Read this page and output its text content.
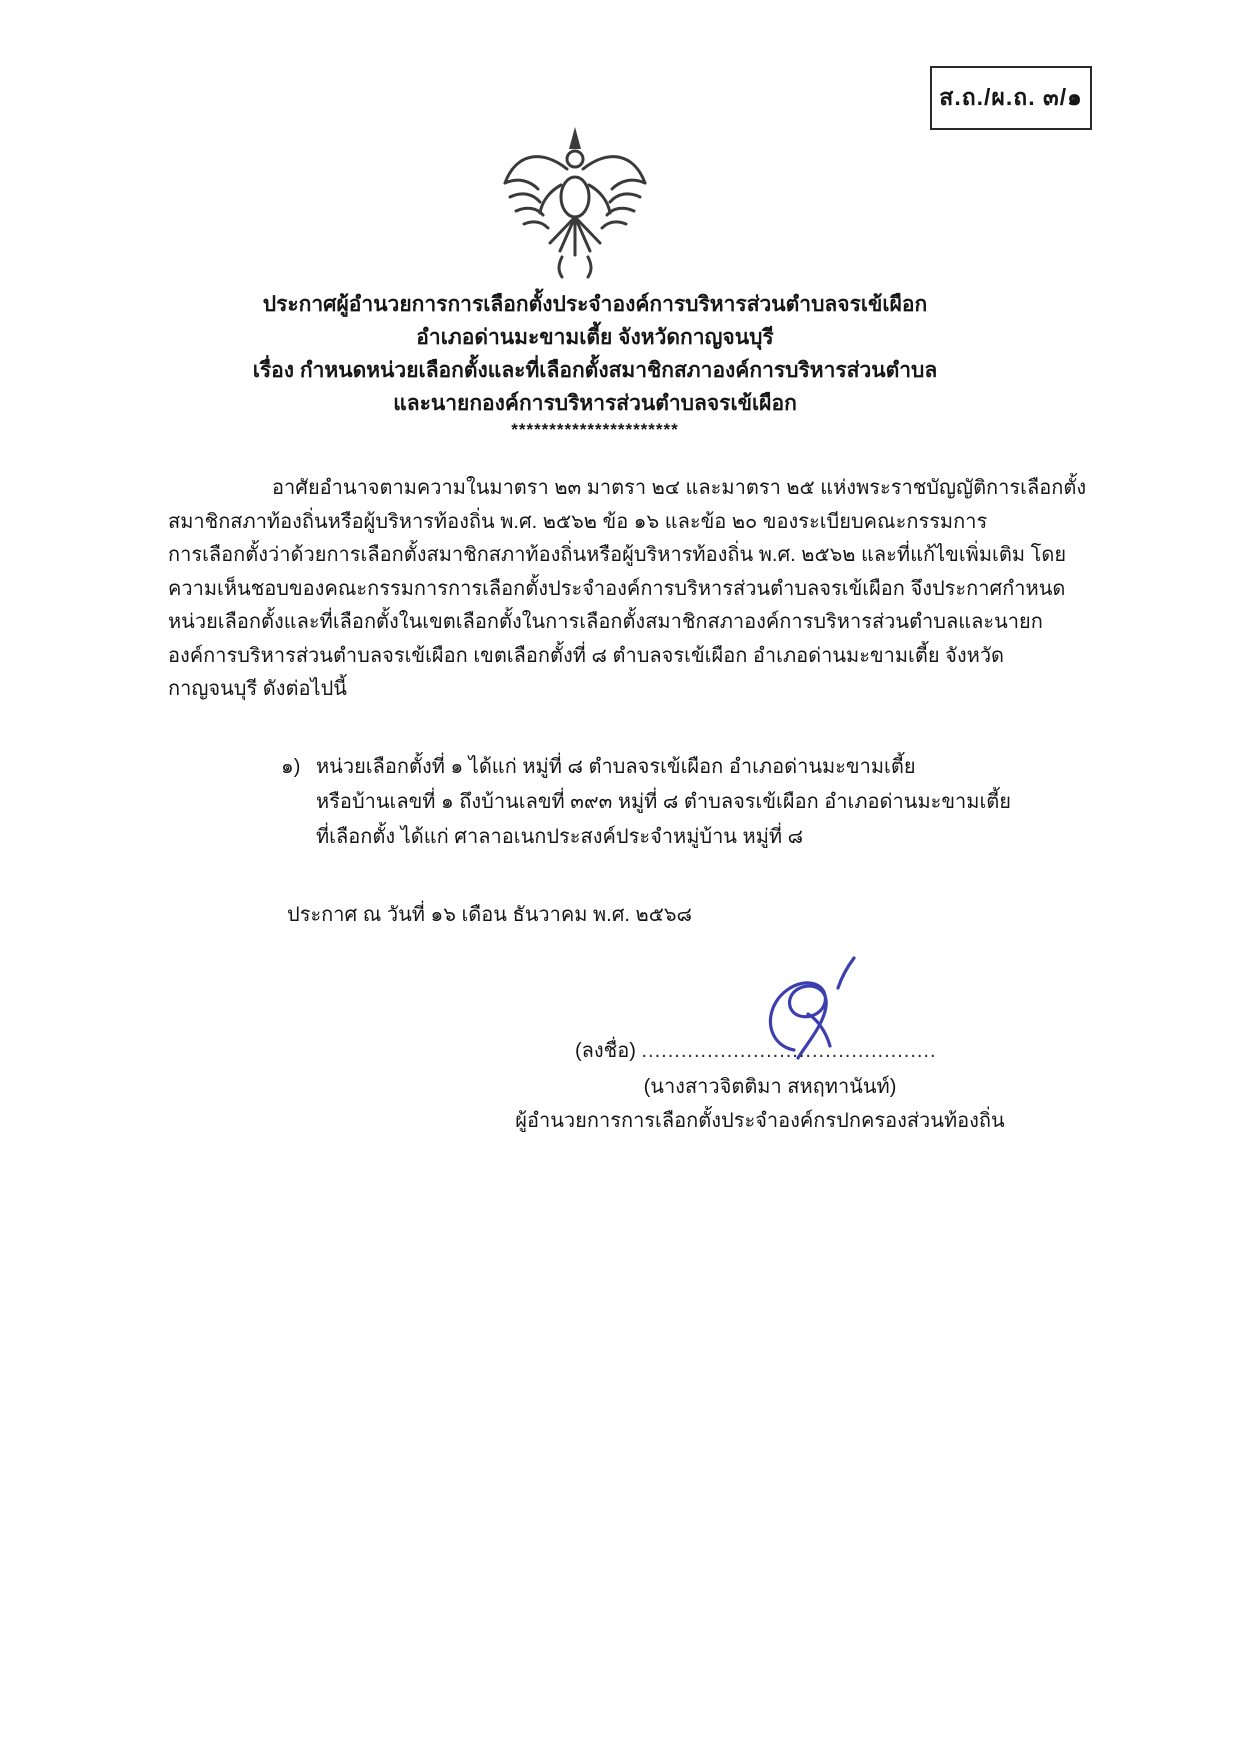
ส.ถ./ผ.ถ. ๓/๑
ประกาศผู้อำนวยการการเลือกตั้งประจำองค์การบริหารส่วนตำบลจรเข้เผือก
อำเภอด่านมะขามเตี้ย จังหวัดกาญจนบุรี
เรื่อง กำหนดหน่วยเลือกตั้งและที่เลือกตั้งสมาชิกสภาองค์การบริหารส่วนตำบล
และนายกองค์การบริหารส่วนตำบลจรเข้เผือก
**********************
อาศัยอำนาจตามความในมาตรา ๒๓ มาตรา ๒๔ และมาตรา ๒๕ แห่งพระราชบัญญัติการเลือกตั้ง
สมาชิกสภาท้องถิ่นหรือผู้บริหารท้องถิ่น พ.ศ. ๒๕๖๒ ข้อ ๑๖ และข้อ ๒๐ ของระเบียบคณะกรรมการ
การเลือกตั้งว่าด้วยการเลือกตั้งสมาชิกสภาท้องถิ่นหรือผู้บริหารท้องถิ่น พ.ศ. ๒๕๖๒ และที่แก้ไขเพิ่มเติม โดย
ความเห็นชอบของคณะกรรมการการเลือกตั้งประจำองค์การบริหารส่วนตำบลจรเข้เผือก จึงประกาศกำหนด
หน่วยเลือกตั้งและที่เลือกตั้งในเขตเลือกตั้งในการเลือกตั้งสมาชิกสภาองค์การบริหารส่วนตำบลและนายก
องค์การบริหารส่วนตำบลจรเข้เผือก เขตเลือกตั้งที่ ๘ ตำบลจรเข้เผือก อำเภอด่านมะขามเตี้ย จังหวัด
กาญจนบุรี ดังต่อไปนี้
๑) หน่วยเลือกตั้งที่ ๑ ได้แก่ หมู่ที่ ๘ ตำบลจรเข้เผือก อำเภอด่านมะขามเตี้ย
หรือบ้านเลขที่ ๑ ถึงบ้านเลขที่ ๓๙๓ หมู่ที่ ๘ ตำบลจรเข้เผือก อำเภอด่านมะขามเตี้ย
ที่เลือกตั้ง ได้แก่ ศาลาอเนกประสงค์ประจำหมู่บ้าน หมู่ที่ ๘
ประกาศ ณ วันที่ ๑๖ เดือน ธันวาคม พ.ศ. ๒๕๖๘
(ลงชื่อ) .............................................
(นางสาวจิตติมา สหฤทานันท์)
ผู้อำนวยการการเลือกตั้งประจำองค์กรปกครองส่วนท้องถิ่น
